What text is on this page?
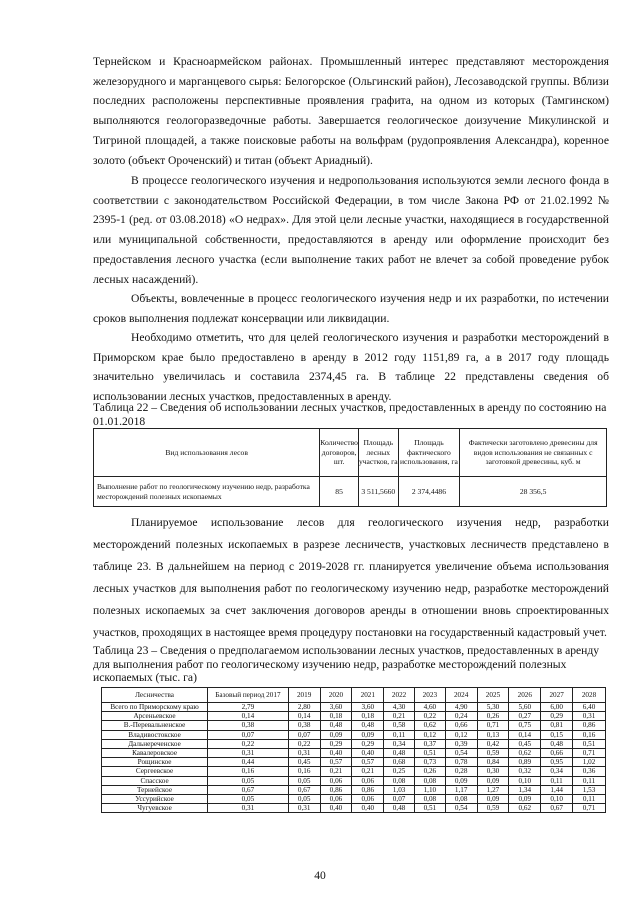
Тернейском и Красноармейском районах. Промышленный интерес представляют месторождения железорудного и марганцевого сырья: Белогорское (Ольгинский район), Лесозаводской группы. Вблизи последних расположены перспективные проявления графита, на одном из которых (Тамгинском) выполняются геологоразведочные работы. Завершается геологическое доизучение Микулинской и Тигриной площадей, а также поисковые работы на вольфрам (рудопроявления Александра), коренное золото (объект Ороченский) и титан (объект Ариадный).

В процессе геологического изучения и недропользования используются земли лесного фонда в соответствии с законодательством Российской Федерации, в том числе Закона РФ от 21.02.1992 № 2395-1 (ред. от 03.08.2018) «О недрах». Для этой цели лесные участки, находящиеся в государственной или муниципальной собственности, предоставляются в аренду или оформление происходит без предоставления лесного участка (если выполнение таких работ не влечет за собой проведение рубок лесных насаждений).

Объекты, вовлеченные в процесс геологического изучения недр и их разработки, по истечении сроков выполнения подлежат консервации или ликвидации.

Необходимо отметить, что для целей геологического изучения и разработки месторождений в Приморском крае было предоставлено в аренду в 2012 году 1151,89 га, а в 2017 году площадь значительно увеличилась и составила 2374,45 га. В таблице 22 представлены сведения об использовании лесных участков, предоставленных в аренду.

Таблица 22 – Сведения об использовании лесных участков, предоставленных в аренду по состоянию на 01.01.2018

Вид использования лесов	Количество договоров, шт.	Площадь лесных участков, га	Площадь фактического использования, га	Фактически заготовлено древесины для видов использования не связанных с заготовкой древесины, куб. м
Выполнение работ по геологическому изучению недр, разработка месторождений полезных ископаемых	85	3 511,5660	2 374,4486	28 356,5

Планируемое использование лесов для геологического изучения недр, разработки месторождений полезных ископаемых в разрезе лесничеств, участковых лесничеств представлено в таблице 23. В дальнейшем на период с 2019-2028 гг. планируется увеличение объема использования лесных участков для выполнения работ по геологическому изучению недр, разработке месторождений полезных ископаемых за счет заключения договоров аренды в отношении вновь спроектированных участков, проходящих в настоящее время процедуру постановки на государственный кадастровый учет.

Таблица 23 – Сведения о предполагаемом использовании лесных участков, предоставленных в аренду для выполнения работ по геологическому изучению недр, разработке месторождений полезных ископаемых (тыс. га)

Лесничества	Базовый период 2017	2019	2020	2021	2022	2023	2024	2025	2026	2027	2028
Всего по Приморскому краю	2,79	2,80	3,60	3,60	4,30	4,60	4,90	5,30	5,60	6,00	6,40
Арсеньевское	0,14	0,14	0,18	0,18	0,21	0,22	0,24	0,26	0,27	0,29	0,31
В.-Перевальненское	0,38	0,38	0,48	0,48	0,58	0,62	0,66	0,71	0,75	0,81	0,86
Владивостокское	0,07	0,07	0,09	0,09	0,11	0,12	0,12	0,13	0,14	0,15	0,16
Дальнереченское	0,22	0,22	0,29	0,29	0,34	0,37	0,39	0,42	0,45	0,48	0,51
Кавалеровское	0,31	0,31	0,40	0,40	0,48	0,51	0,54	0,59	0,62	0,66	0,71
Рощинское	0,44	0,45	0,57	0,57	0,68	0,73	0,78	0,84	0,89	0,95	1,02
Сергеевское	0,16	0,16	0,21	0,21	0,25	0,26	0,28	0,30	0,32	0,34	0,36
Спасское	0,05	0,05	0,06	0,06	0,08	0,08	0,09	0,09	0,10	0,11	0,11
Тернейское	0,67	0,67	0,86	0,86	1,03	1,10	1,17	1,27	1,34	1,44	1,53
Уссурийское	0,05	0,05	0,06	0,06	0,07	0,08	0,08	0,09	0,09	0,10	0,11
Чугуевское	0,31	0,31	0,40	0,40	0,48	0,51	0,54	0,59	0,62	0,67	0,71
40
